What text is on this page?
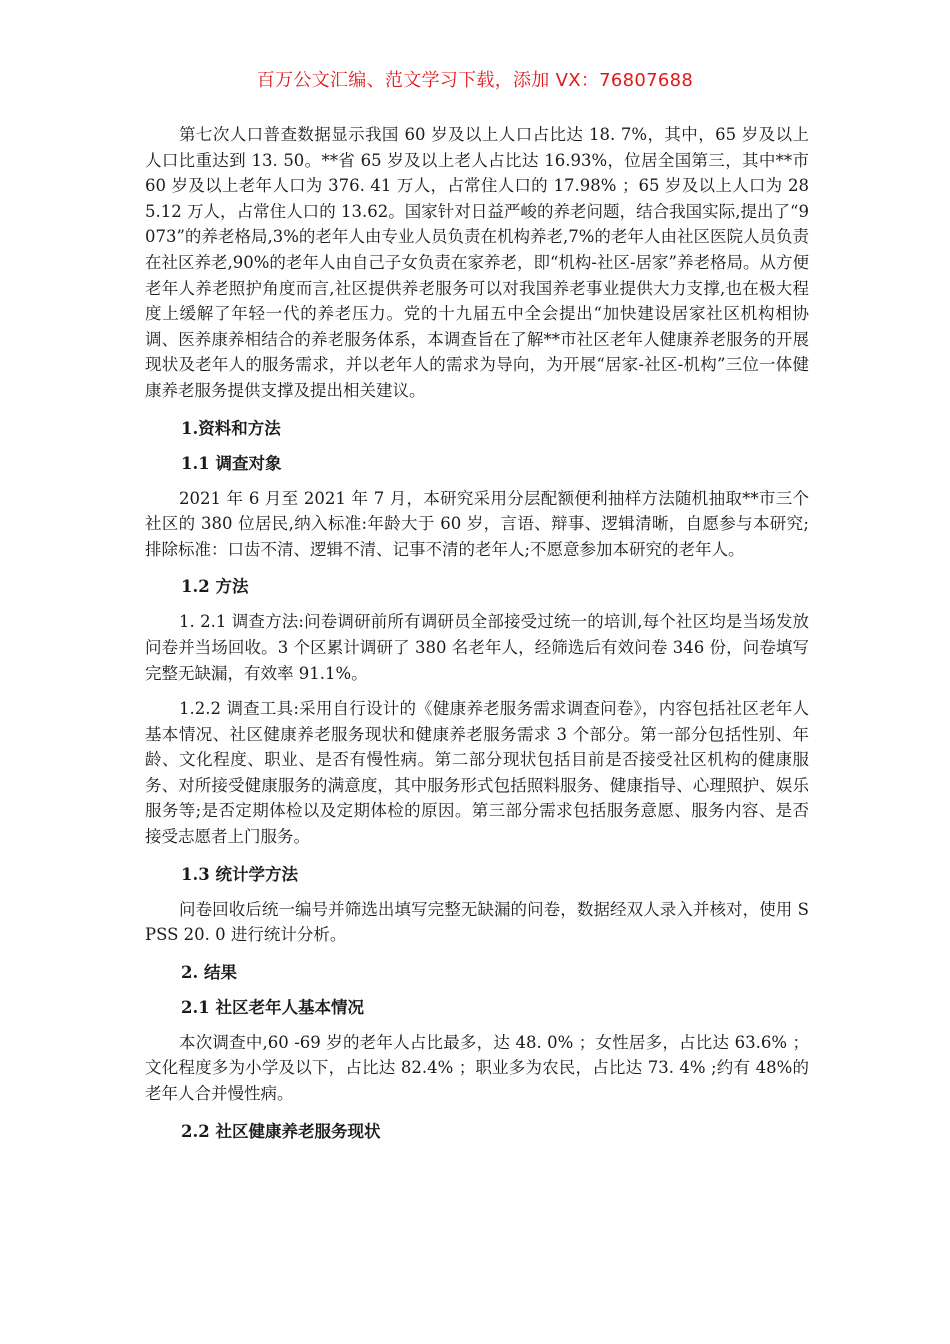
百万公文汇编、范文学习下载，添加 VX：76807688

第七次人口普查数据显示我国 60 岁及以上人口占比达 18. 7%，其中，65 岁及以上人口比重达到 13. 50。**省 65 岁及以上老人占比达 16.93%，位居全国第三，其中**市 60 岁及以上老年人口为 376. 41 万人，占常住人口的 17.98% ；65 岁及以上人口为 285.12 万人，占常住人口的 13.62。国家针对日益严峻的养老问题，结合我国实际,提出了“9073”的养老格局,3%的老年人由专业人员负责在机构养老,7%的老年人由社区医院人员负责在社区养老,90%的老年人由自己子女负责在家养老，即“机构-社区-居家”养老格局。从方便老年人养老照护角度而言,社区提供养老服务可以对我国养老事业提供大力支撑,也在极大程度上缓解了年轻一代的养老压力。党的十九届五中全会提出“加快建设居家社区机构相协调、医养康养相结合的养老服务体系，本调查旨在了解**市社区老年人健康养老服务的开展现状及老年人的服务需求，并以老年人的需求为导向，为开展“居家-社区-机构”三位一体健康养老服务提供支撑及提出相关建议。

1.资料和方法

1.1 调查对象

2021 年 6 月至 2021 年 7 月，本研究采用分层配额便利抽样方法随机抽取**市三个社区的 380 位居民,纳入标准:年龄大于 60 岁，言语、辩事、逻辑清晰，自愿参与本研究;排除标准：口齿不清、逻辑不清、记事不清的老年人;不愿意参加本研究的老年人。

1.2 方法

1. 2.1 调查方法:问卷调研前所有调研员全部接受过统一的培训,每个社区均是当场发放问卷并当场回收。3 个区累计调研了 380 名老年人，经筛选后有效问卷 346 份，问卷填写完整无缺漏，有效率 91.1%。

1.2.2 调查工具:采用自行设计的《健康养老服务需求调查问卷》，内容包括社区老年人基本情况、社区健康养老服务现状和健康养老服务需求 3 个部分。第一部分包括性别、年龄、文化程度、职业、是否有慢性病。第二部分现状包括目前是否接受社区机构的健康服务、对所接受健康服务的满意度，其中服务形式包括照料服务、健康指导、心理照护、娱乐服务等;是否定期体检以及定期体检的原因。第三部分需求包括服务意愿、服务内容、是否接受志愿者上门服务。

1.3 统计学方法

问卷回收后统一编号并筛选出填写完整无缺漏的问卷，数据经双人录入并核对，使用 SPSS 20. 0 进行统计分析。

2. 结果

2.1 社区老年人基本情况

本次调查中,60 -69 岁的老年人占比最多，达 48. 0% ；女性居多，占比达 63.6% ； 文化程度多为小学及以下，占比达 82.4% ；职业多为农民，占比达 73. 4% ;约有 48%的老年人合并慢性病。

2.2 社区健康养老服务现状
